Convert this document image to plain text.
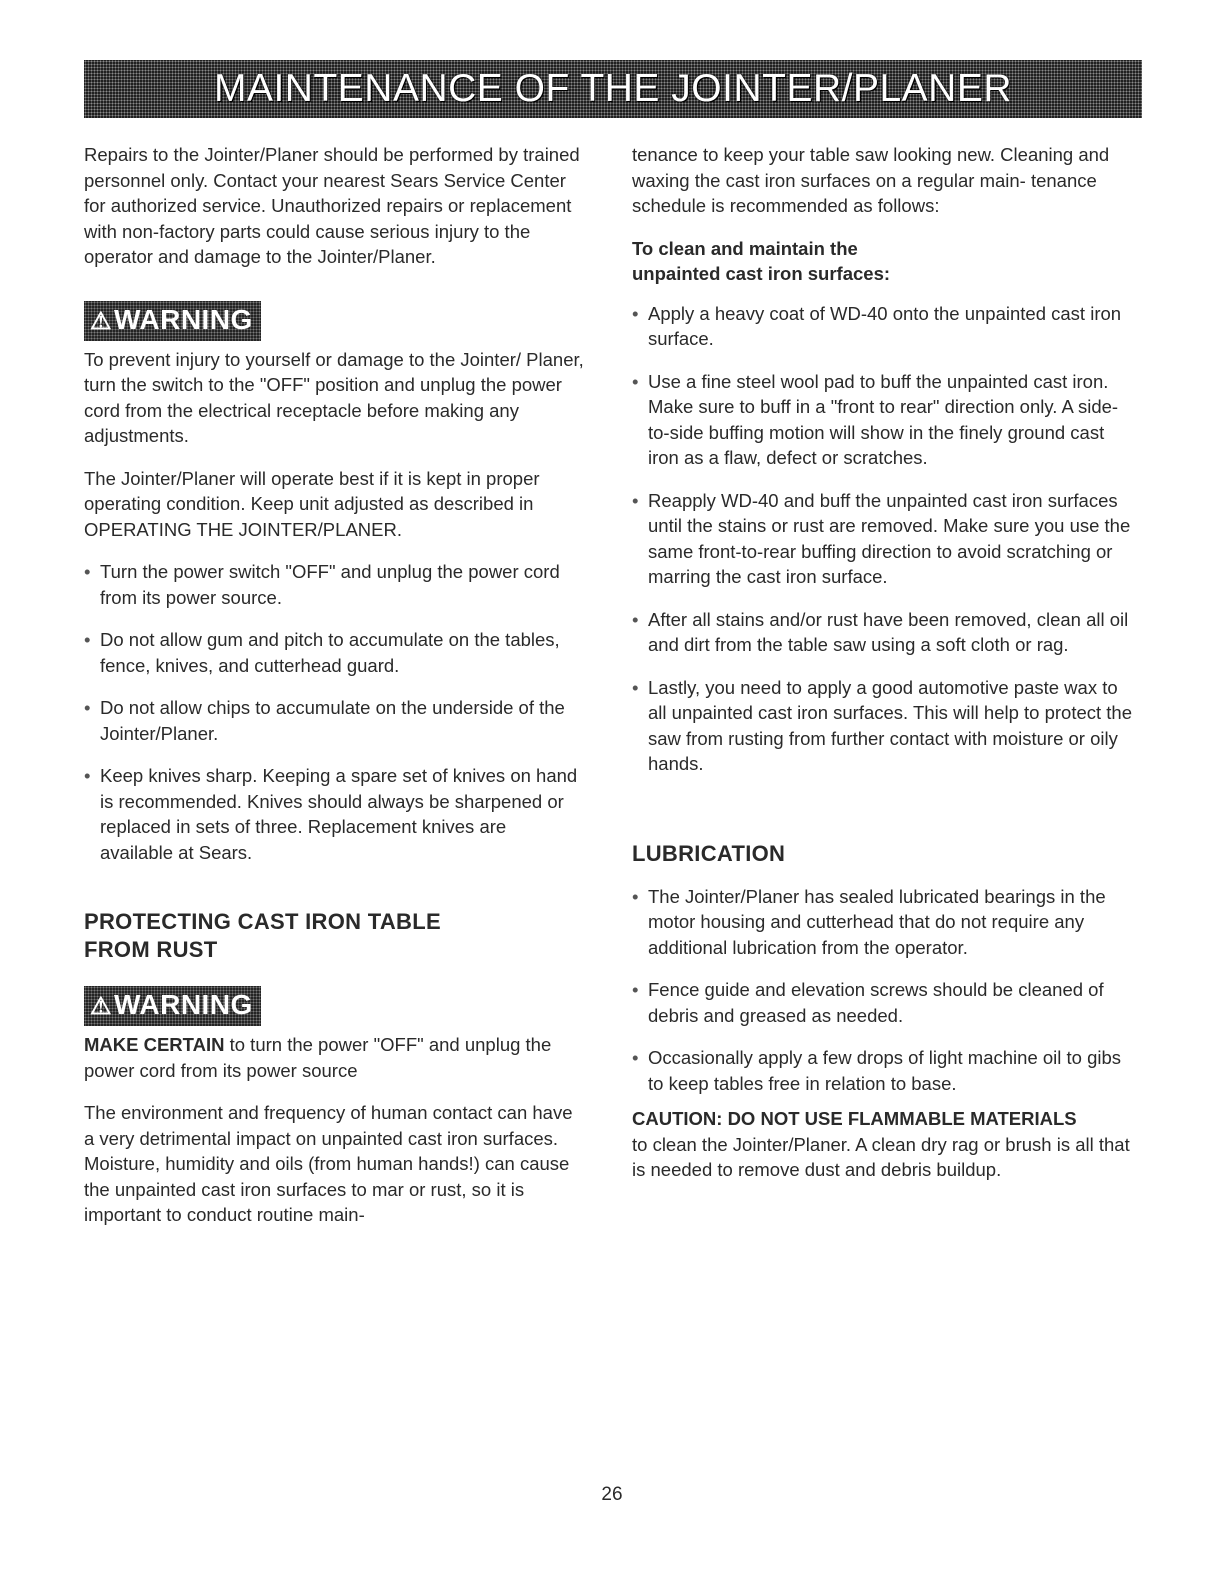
MAINTENANCE OF THE JOINTER/PLANER

Repairs to the Jointer/Planer should be performed by trained personnel only. Contact your nearest Sears Service Center for authorized service. Unauthorized repairs or replacement with non-factory parts could cause serious injury to the operator and damage to the Jointer/Planer.

⚠WARNING

To prevent injury to yourself or damage to the Jointer/ Planer, turn the switch to the "OFF" position and unplug the power cord from the electrical receptacle before making any adjustments.

The Jointer/Planer will operate best if it is kept in proper operating condition. Keep unit adjusted as described in OPERATING THE JOINTER/PLANER.

• Turn the power switch "OFF" and unplug the power cord from its power source.
• Do not allow gum and pitch to accumulate on the tables, fence, knives, and cutterhead guard.
• Do not allow chips to accumulate on the underside of the Jointer/Planer.
• Keep knives sharp. Keeping a spare set of knives on hand is recommended. Knives should always be sharpened or replaced in sets of three. Replacement knives are available at Sears.
PROTECTING CAST IRON TABLE
FROM RUST
⚠WARNING

MAKE CERTAIN to turn the power "OFF" and unplug the power cord from its power source

The environment and frequency of human contact can have a very detrimental impact on unpainted cast iron surfaces. Moisture, humidity and oils (from human hands!) can cause the unpainted cast iron surfaces to mar or rust, so it is important to conduct routine main-

tenance to keep your table saw looking new. Cleaning and waxing the cast iron surfaces on a regular main- tenance schedule is recommended as follows:

To clean and maintain the
unpainted cast iron surfaces:

• Apply a heavy coat of WD-40 onto the unpainted cast iron surface.
• Use a fine steel wool pad to buff the unpainted cast iron. Make sure to buff in a "front to rear" direction only. A side-to-side buffing motion will show in the finely ground cast iron as a flaw, defect or scratches.
• Reapply WD-40 and buff the unpainted cast iron surfaces until the stains or rust are removed. Make sure you use the same front-to-rear buffing direction to avoid scratching or marring the cast iron surface.
• After all stains and/or rust have been removed, clean all oil and dirt from the table saw using a soft cloth or rag.
• Lastly, you need to apply a good automotive paste wax to all unpainted cast iron surfaces. This will help to protect the saw from rusting from further contact with moisture or oily hands.
LUBRICATION
• The Jointer/Planer has sealed lubricated bearings in the motor housing and cutterhead that do not require any additional lubrication from the operator.
• Fence guide and elevation screws should be cleaned of debris and greased as needed.
• Occasionally apply a few drops of light machine oil to gibs to keep tables free in relation to base.

CAUTION: DO NOT USE FLAMMABLE MATERIALS
to clean the Jointer/Planer. A clean dry rag or brush is all that is needed to remove dust and debris buildup.

26
